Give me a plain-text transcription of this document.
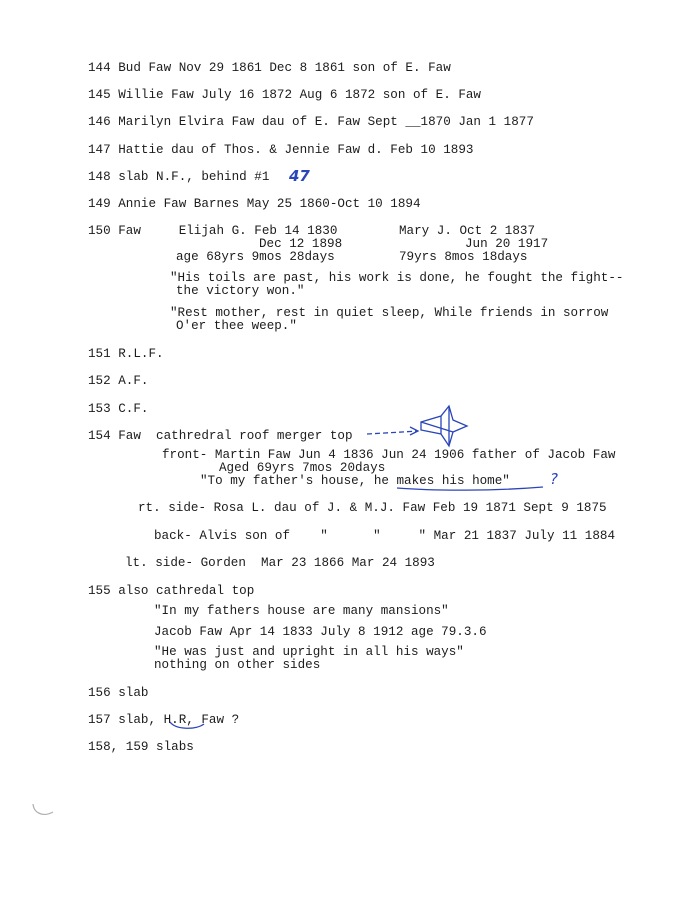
144 Bud Faw Nov 29 1861 Dec 8 1861 son of E. Faw
145 Willie Faw July 16 1872 Aug 6 1872 son of E. Faw
146 Marilyn Elvira Faw dau of E. Faw Sept __1870 Jan 1 1877
147 Hattie dau of Thos. & Jennie Faw d. Feb 10 1893
148 slab N.F., behind #1 47
149 Annie Faw Barnes May 25 1860-Oct 10 1894
150 Faw     Elijah G. Feb 14 1830	Mary J. Oct 2 1837
Dec 12 1898	Jun 20 1917
age 68yrs 9mos 28days	79yrs 8mos 18days
"His toils are past, his work is done, he fought the fight--
the victory won."
"Rest mother, rest in quiet sleep, While friends in sorrow
O'er thee weep."
151 R.L.F.
152 A.F.
153 C.F.
154 Faw  cathredral roof merger top
front- Martin Faw Jun 4 1836 Jun 24 1906 father of Jacob Faw
Aged 69yrs 7mos 20days
"To my father's house, he makes his home"	?
rt. side- Rosa L. dau of J. & M.J. Faw Feb 19 1871 Sept 9 1875
back- Alvis son of    "      "     " Mar 21 1837 July 11 1884
lt. side- Gorden  Mar 23 1866 Mar 24 1893
155 also cathredal top
"In my fathers house are many mansions"
Jacob Faw Apr 14 1833 July 8 1912 age 79.3.6
"He was just and upright in all his ways"
nothing on other sides
156 slab
157 slab, H.R, Faw ?
158, 159 slabs
